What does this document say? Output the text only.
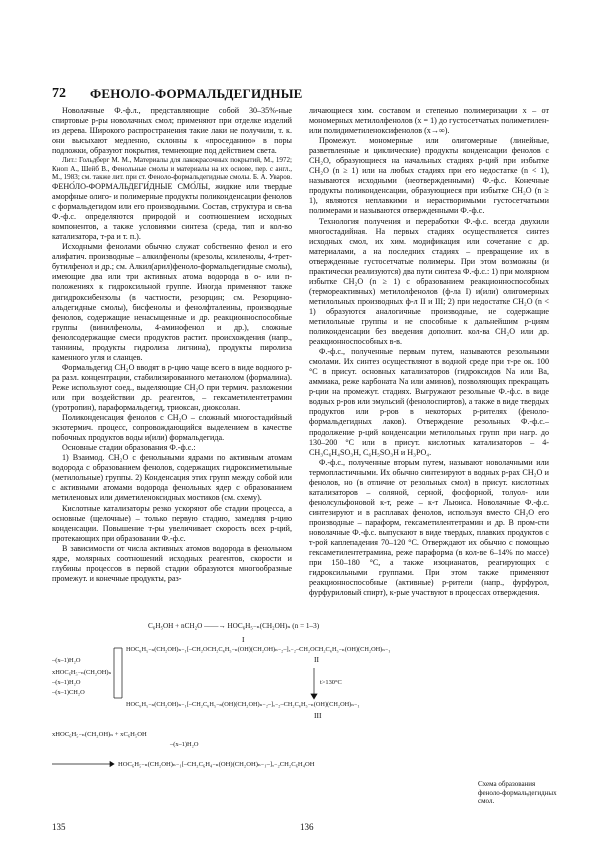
72 ФЕНОЛО-ФОРМАЛЬДЕГИДНЫЕ

Новолачные Ф.-ф.л., представляющие собой 30–35%-ные спиртовые р-ры новолачных смол; применяют при отделке изделий из дерева. Широкого распространения такие лаки не получили, т. к. они высыхают медленно, склонны к «проседанию» в поры подложки, образуют покрытия, темнеющие под действием света.

Лит.: Гольдберг М. М., Материалы для лакокрасочных покрытий, М., 1972; Кноп А., Шейб В., Фенольные смолы и материалы на их основе, пер. с англ., М., 1983; см. также лит. при ст. Феноло-формальдегидные смолы. Б. А. Уваров.

ФЕНО́ЛО-ФОРМАЛЬДЕГИ́ДНЫЕ СМО́ЛЫ, жидкие или твердые аморфные олиго- и полимерные продукты поликонденсации фенолов с формальдегидом или его производными. Состав, структура и св-ва Ф.-ф.с. определяются природой и соотношением исходных компонентов, а также условиями синтеза (среда, тип и кол-во катализатора, т-ра и т. п.).

Исходными фенолами обычно служат собственно фенол и его алифатич. производные – алкилфенолы (крезолы, ксиленолы, 4-трет-бутилфенол и др.; см. Алкил(арил)феноло-формальдегидные смолы), имеющие два или три активных атома водорода в о- или п-положениях к гидроксильной группе. Иногда применяют также дигидроксибензолы (в частности, резорцин; см. Резорцино-альдегидные смолы), бисфенолы и фенолфталеины, производные фенолов, содержащие ненасыщенные и др. реакционноспособные группы (винилфенолы, 4-аминофенол и др.), сложные фенолсодержащие смеси продуктов растит. происхождения (напр., таннины, продукты гидролиза лигнина), продукты пиролиза каменного угля и сланцев.

Формальдегид CH₂O вводят в р-цию чаще всего в виде водного р-ра разл. концентрации, стабилизированного метанолом (формалина). Реже используют соед., выделяющие CH₂O при термич. разложении или при воздействии др. реагентов, – гексаметилентетрамин (уротропин), параформальдегид, триоксан, диоксолан.

Поликонденсация фенолов с CH₂O – сложный многостадийный экзотермич. процесс, сопровождающийся выделением в качестве побочных продуктов воды и(или) формальдегида.

Основные стадии образования Ф.-ф.с.:

1) Взаимод. CH₂O с фенольными ядрами по активным атомам водорода с образованием фенолов, содержащих гидроксиметильные (метилольные) группы. 2) Конденсация этих групп между собой или с активными атомами водорода фенольных ядер с образованием метиленовых или диметиленоксидных мостиков (см. схему).

Кислотные катализаторы резко ускоряют обе стадии процесса, а основные (щелочные) – только первую стадию, замедляя р-цию конденсации. Повышение т-ры увеличивает скорость всех р-ций, протекающих при образовании Ф.-ф.с.

В зависимости от числа активных атомов водорода в фенольном ядре, молярных соотношений исходных реагентов, скорости и глубины процессов в первой стадии образуются многообразные промежут. и конечные продукты, раз-

личающиеся хим. составом и степенью полимеризации x – от мономерных метилолфенолов (x = 1) до густосетчатых полиметилен- или полидиметиленоксифенолов (x→∞).

Промежут. мономерные или олигомерные (линейные, разветвленные и циклические) продукты конденсации фенолов с CH₂O, образующиеся на начальных стадиях р-ций при избытке CH₂O (n ≥ 1) или на любых стадиях при его недостатке (n < 1), называются исходными (неотвержденными) Ф.-ф.с. Конечные продукты поликонденсации, образующиеся при избытке CH₂O (n ≥ 1), являются неплавкими и нерастворимыми густосетчатыми полимерами и называются отвержденными Ф.-ф.с.

Технология получения и переработки Ф.-ф.с. всегда двухили многостадийная. На первых стадиях осуществляется синтез исходных смол, их хим. модификация или сочетание с др. материалами, а на последних стадиях – превращение их в отвержденные густосетчатые полимеры. При этом возможны (и практически реализуются) два пути синтеза Ф.-ф.с.: 1) при молярном избытке CH₂O (n ≥ 1) с образованием реакционноспособных (термореактивных) метилолфенолов (ф-ла I) и(или) олигомерных метилольных производных ф-л II и III; 2) при недостатке CH₂O (n < 1) образуются аналогичные производные, не содержащие метилольные группы и не способные к дальнейшим р-циям поликонденсации без введения дополнит. кол-ва CH₂O или др. реакционноспособных в-в.

Ф.-ф.с., полученные первым путем, называются резольными смолами. Их синтез осуществляют в водной среде при т-ре ок. 100 °С в присут. основных катализаторов (гидроксидов Na или Ba, аммиака, реже карбоната Na или аминов), позволяющих прекращать р-ции на промежут. стадиях. Выгружают резольные Ф.-ф.с. в виде водных р-ров или эмульсий (фенолоспиртов), а также в виде твердых продуктов или р-ров в некоторых р-рителях (феноло-формальдегидных лаков). Отверждение резольных Ф.-ф.с.– продолжение р-ций конденсации метилольных групп при нагр. до 130–200 °С или в присут. кислотных катализаторов – 4-CH₃C₆H₄SO₃H, C₆H₅SO₃H и H₃PO₄.

Ф.-ф.с., полученные вторым путем, называют новолачными или термопластичными. Их обычно синтезируют в водных р-рах CH₂O и фенолов, но (в отличие от резольных смол) в присут. кислотных катализаторов – соляной, серной, фосфорной, толуол- или фенолсульфоновой к-т, реже – к-т Льюиса. Новолачные Ф.-ф.с. синтезируют и в расплавах фенолов, используя вместо CH₂O его производные – параформ, гексаметилентетрамин и др. В пром-сти новолачные Ф.-ф.с. выпускают в виде твердых, плавких продуктов с т-рой каплепадения 70–120 °С. Отверждают их обычно с помощью гексаметилентетрамина, реже параформа (в кол-ве 6–14% по массе) при 150–180 °С, а также изоцианатов, реагирующих с гидроксильными группами. При этом также применяют реакционноспособные (активные) р-рители (напр., фурфурол, фурфуриловый спирт), к-рые участвуют в процессах отверждения.

C₆H₅OH + nCH₂O ——→ HOC₆H₅₋ₙ(CH₂OH)ₙ (n = 1–3)
I
–(x–1)H₂O
xHOC₆H₅₋ₙ(CH₂OH)ₙ
–(x–1)H₂O
–(x–1)CH₂O
HOC₆H₅₋ₙ(CH₂OH)ₙ₋₁[–CH₂OCH₂C₆H₅₋ₙ(OH)(CH₂OH)ₙ₋₂–]ₓ₋₂–CH₂OCH₂C₆H₅₋ₙ(OH)(CH₂OH)ₙ₋₁
II
t>130°C
HOC₆H₅₋ₙ(CH₂OH)ₙ₋₁[–CH₂C₆H₅₋ₙ(OH)(CH₂OH)ₙ₋₂–]ₓ₋₂–CH₂C₆H₅₋ₙ(OH)(CH₂OH)ₙ₋₁
III
xHOC₆H₅₋ₙ(CH₂OH)ₙ + xC₆H₅OH
–(x–1)H₂O
HOC₆H₅₋ₙ(CH₂OH)ₙ₋₁[–CH₂C₆H₄₋ₙ(OH)(CH₂OH)ₙ₋₁–]ₓ₋₂CH₂C₆H₄OH
Схема образования феноло-формальдегидных смол.
135	136
